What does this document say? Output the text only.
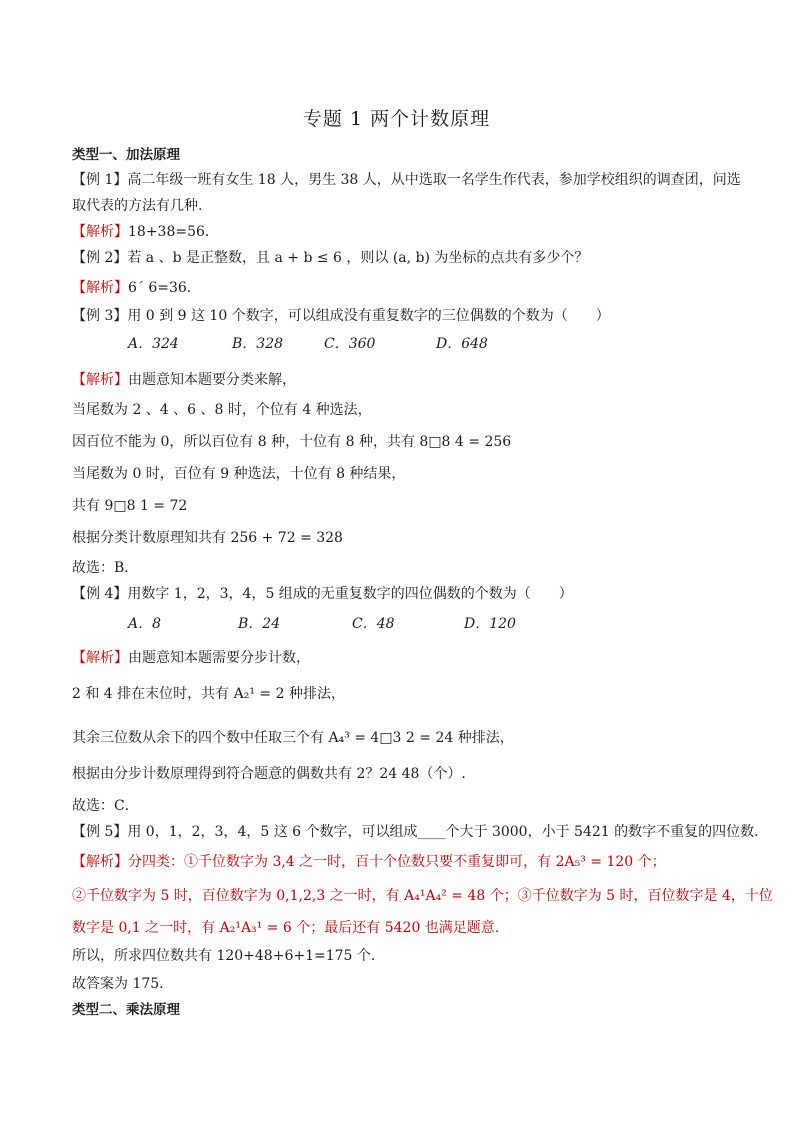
专题 1 两个计数原理
类型一、加法原理
【例 1】高二年级一班有女生 18 人，男生 38 人，从中选取一名学生作代表，参加学校组织的调查团，问选
取代表的方法有几种.
【解析】18+38=56．
【例 2】若 a 、b 是正整数，且 a + b ≤ 6 ，则以 (a, b) 为坐标的点共有多少个？
【解析】6´ 6=36．
【例 3】用 0 到 9 这 10 个数字，可以组成没有重复数字的三位偶数的个数为（　　）
A．324	B．328	C．360	D．648
【解析】由题意知本题要分类来解，
当尾数为 2 、4 、6 、8 时，个位有 4 种选法，
因百位不能为 0，所以百位有 8 种，十位有 8 种，共有 8□8 4 = 256
当尾数为 0 时，百位有 9 种选法，十位有 8 种结果，
共有 9□8 1 = 72
根据分类计数原理知共有 256 + 72 = 328
故选：B．
【例 4】用数字 1，2，3，4，5 组成的无重复数字的四位偶数的个数为（　　）
A．8	B．24	C．48	D．120
【解析】由题意知本题需要分步计数，
2 和 4 排在末位时，共有 A₂¹ = 2 种排法，
其余三位数从余下的四个数中任取三个有 A₄³ = 4□3 2 = 24 种排法，
根据由分步计数原理得到符合题意的偶数共有 2？24 48（个）.
故选：C．
【例 5】用 0，1，2，3，4，5 这 6 个数字，可以组成____个大于 3000，小于 5421 的数字不重复的四位数．
【解析】分四类：①千位数字为 3,4 之一时，百十个位数只要不重复即可，有 2A₅³ = 120 个；
②千位数字为 5 时，百位数字为 0,1,2,3 之一时，有 A₄¹A₄² = 48 个；③千位数字为 5 时，百位数字是 4，十位
数字是 0,1 之一时，有 A₂¹A₃¹ = 6 个；最后还有 5420 也满足题意.
所以，所求四位数共有 120+48+6+1=175 个.
故答案为 175．
类型二、乘法原理
